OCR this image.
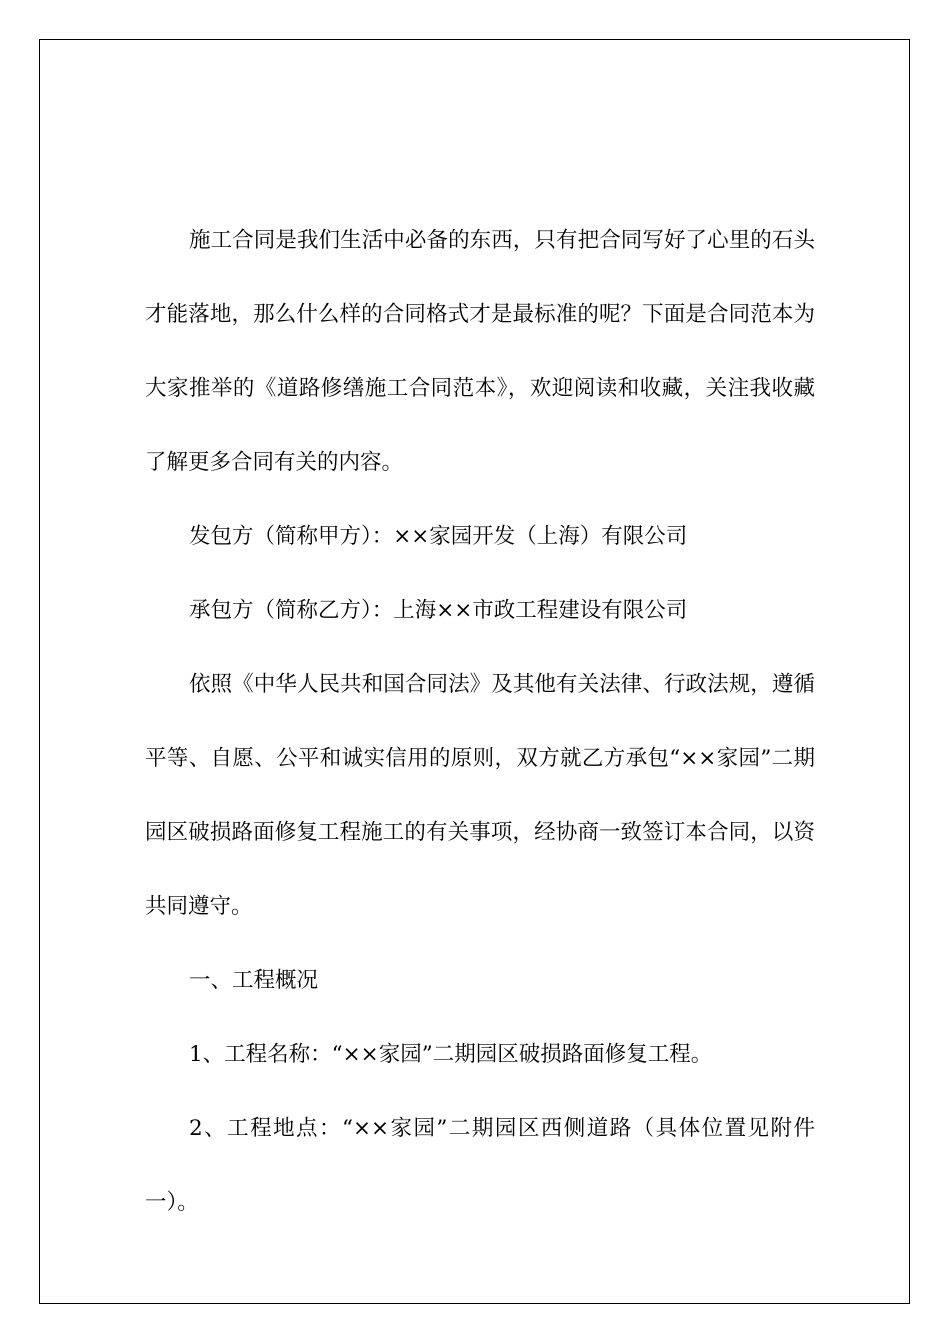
施工合同是我们生活中必备的东西，只有把合同写好了心里的石头才能落地，那么什么样的合同格式才是最标准的呢？下面是合同范本为大家推举的《道路修缮施工合同范本》，欢迎阅读和收藏，关注我收藏了解更多合同有关的内容。

发包方（简称甲方）：××家园开发（上海）有限公司

承包方（简称乙方）：上海××市政工程建设有限公司

依照《中华人民共和国合同法》及其他有关法律、行政法规，遵循平等、自愿、公平和诚实信用的原则，双方就乙方承包“××家园”二期园区破损路面修复工程施工的有关事项，经协商一致签订本合同，以资共同遵守。

一、工程概况

1、工程名称：“××家园”二期园区破损路面修复工程。

2、工程地点：“××家园”二期园区西侧道路（具体位置见附件一）。
